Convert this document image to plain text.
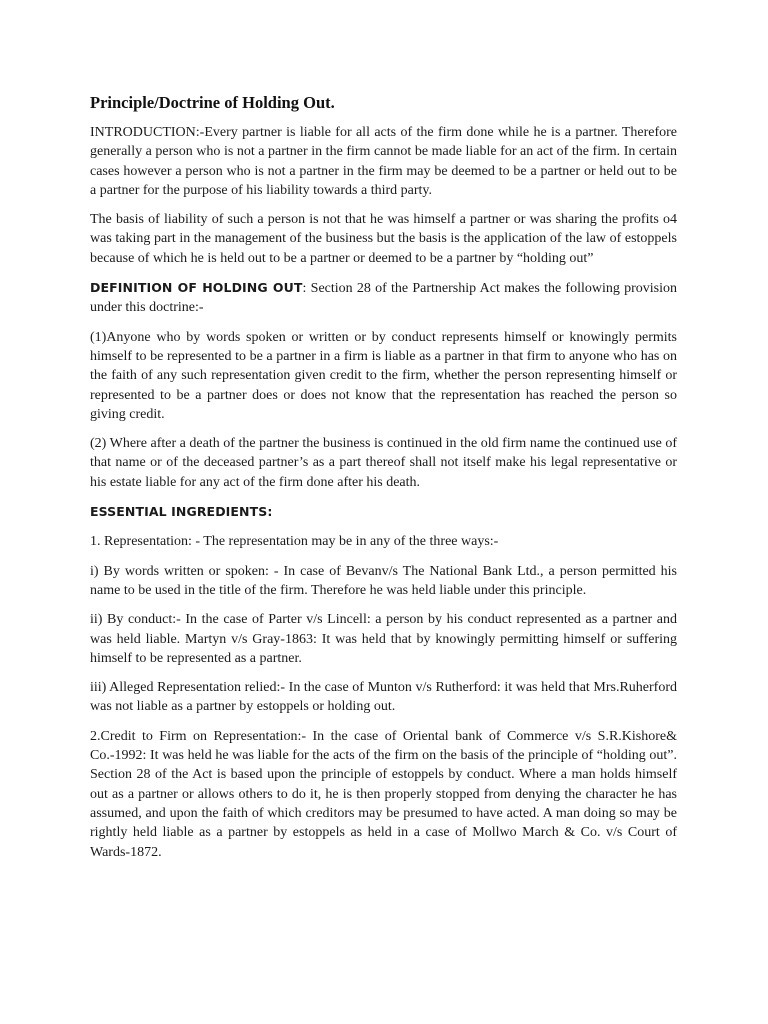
Principle/Doctrine of Holding Out.

INTRODUCTION:-Every partner is liable for all acts of the firm done while he is a partner. Therefore generally a person who is not a partner in the firm cannot be made liable for an act of the firm. In certain cases however a person who is not a partner in the firm may be deemed to be a partner or held out to be a partner for the purpose of his liability towards a third party.

The basis of liability of such a person is not that he was himself a partner or was sharing the profits o4 was taking part in the management of the business but the basis is the application of the law of estoppels because of which he is held out to be a partner or deemed to be a partner by “holding out”

DEFINITION OF HOLDING OUT: Section 28 of the Partnership Act makes the following provision under this doctrine:-

(1)Anyone who by words spoken or written or by conduct represents himself or knowingly permits himself to be represented to be a partner in a firm is liable as a partner in that firm to anyone who has on the faith of any such representation given credit to the firm, whether the person representing himself or represented to be a partner does or does not know that the representation has reached the person so giving credit.

(2) Where after a death of the partner the business is continued in the old firm name the continued use of that name or of the deceased partner’s as a part thereof shall not itself make his legal representative or his estate liable for any act of the firm done after his death.

ESSENTIAL INGREDIENTS:

1. Representation: - The representation may be in any of the three ways:-

i) By words written or spoken: - In case of Bevanv/s The National Bank Ltd., a person permitted his name to be used in the title of the firm. Therefore he was held liable under this principle.

ii) By conduct:- In the case of Parter v/s Lincell: a person by his conduct represented as a partner and was held liable. Martyn v/s Gray-1863: It was held that by knowingly permitting himself or suffering himself to be represented as a partner.

iii) Alleged Representation relied:- In the case of Munton v/s Rutherford: it was held that Mrs.Ruherford was not liable as a partner by estoppels or holding out.

2.Credit to Firm on Representation:- In the case of Oriental bank of Commerce v/s S.R.Kishore& Co.-1992: It was held he was liable for the acts of the firm on the basis of the principle of “holding out”. Section 28 of the Act is based upon the principle of estoppels by conduct. Where a man holds himself out as a partner or allows others to do it, he is then properly stopped from denying the character he has assumed, and upon the faith of which creditors may be presumed to have acted. A man doing so may be rightly held liable as a partner by estoppels as held in a case of Mollwo March & Co. v/s Court of Wards-1872.
